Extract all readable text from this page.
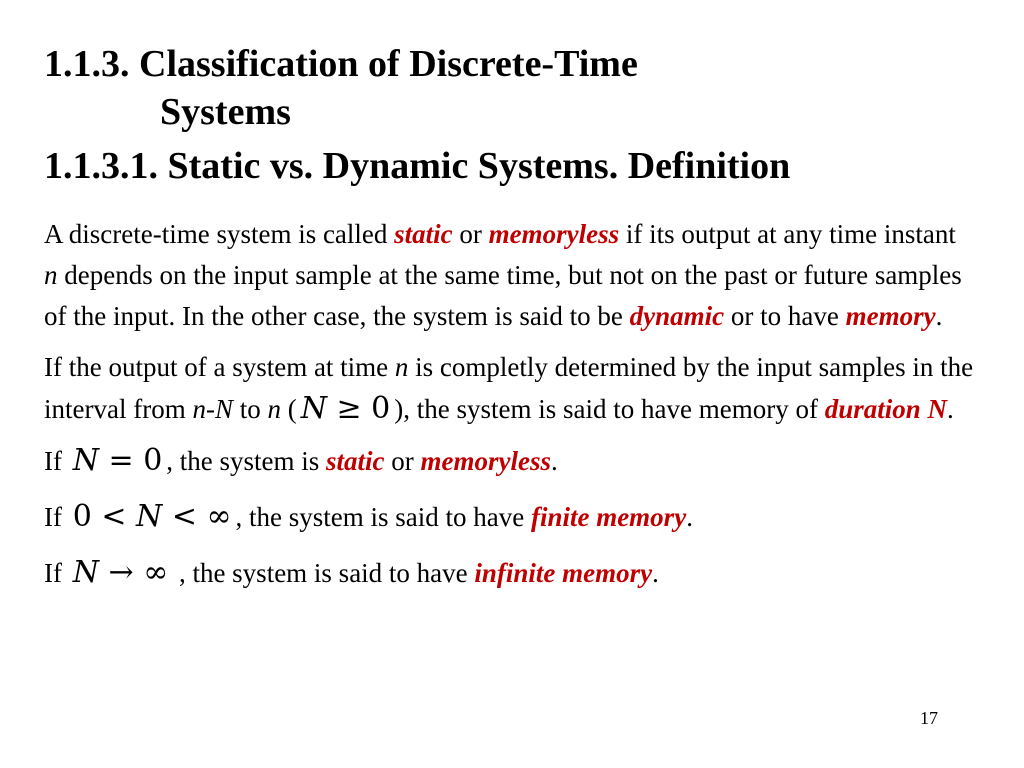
1.1.3. Classification of Discrete-Time
Systems
1.1.3.1. Static vs. Dynamic Systems. Definition

A discrete-time system is called static or memoryless if its output at any time instant n depends on the input sample at the same time, but not on the past or future samples of the input. In the other case, the system is said to be dynamic or to have memory.

If the output of a system at time n is completly determined by the input samples in the interval from n-N to n ( N ≥ 0 ), the system is said to have memory of duration N.

If N = 0 , the system is static or memoryless.

If 0 < N < ∞ , the system is said to have finite memory.

If N → ∞ , the system is said to have infinite memory.

17
